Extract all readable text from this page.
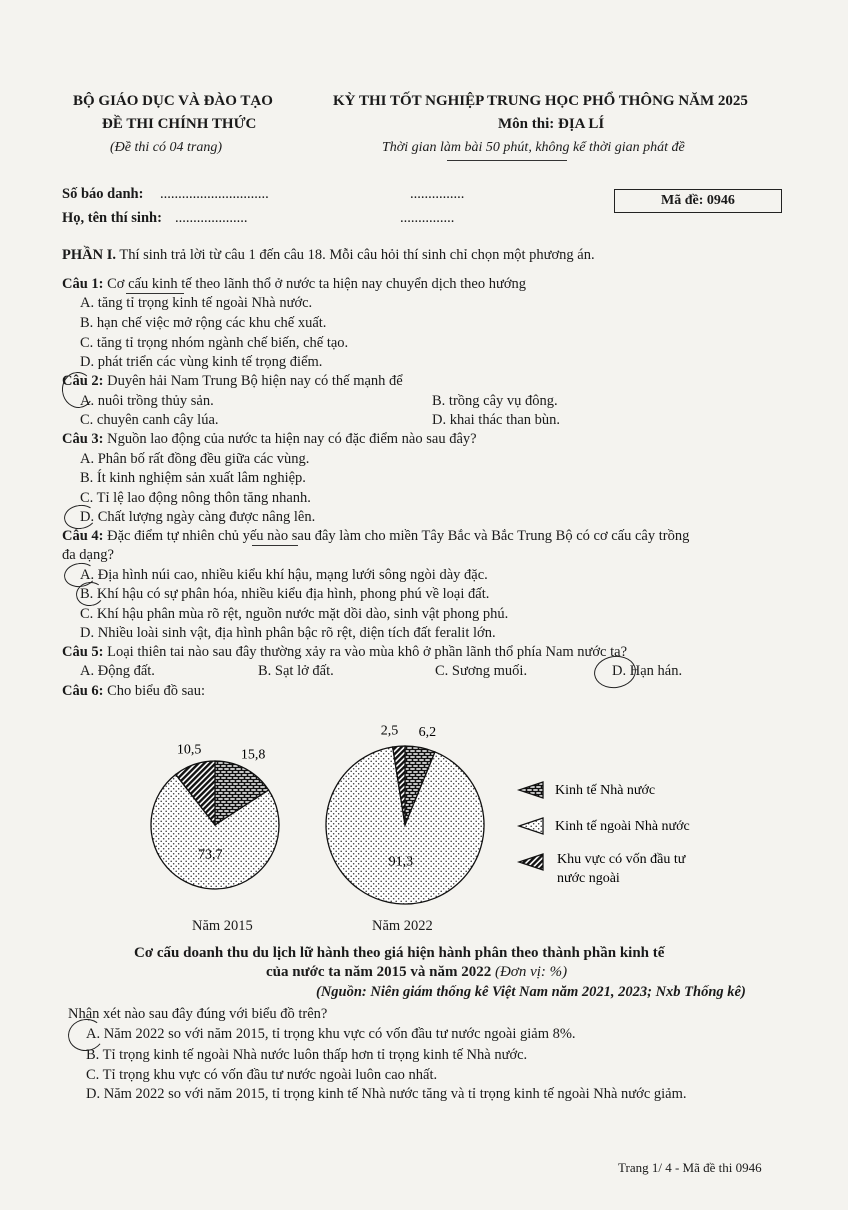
BỘ GIÁO DỤC VÀ ĐÀO TẠO
ĐỀ THI CHÍNH THỨC
(Đề thi có 04 trang)
KỲ THI TỐT NGHIỆP TRUNG HỌC PHỔ THÔNG NĂM 2025
Môn thi: ĐỊA LÍ
Thời gian làm bài 50 phút, không kể thời gian phát đề
Số báo danh: ..............................	...............
Họ, tên thí sinh: ....................	...............
Mã đề: 0946
PHẦN I. Thí sinh trả lời từ câu 1 đến câu 18. Mỗi câu hỏi thí sinh chỉ chọn một phương án.
Câu 1: Cơ cấu kinh tế theo lãnh thổ ở nước ta hiện nay chuyển dịch theo hướng
A. tăng tỉ trọng kinh tế ngoài Nhà nước.
B. hạn chế việc mở rộng các khu chế xuất.
C. tăng tỉ trọng nhóm ngành chế biến, chế tạo.
D. phát triển các vùng kinh tế trọng điểm.
Câu 2: Duyên hải Nam Trung Bộ hiện nay có thế mạnh để
A. nuôi trồng thủy sản.	B. trồng cây vụ đông.
C. chuyên canh cây lúa.	D. khai thác than bùn.
Câu 3: Nguồn lao động của nước ta hiện nay có đặc điểm nào sau đây?
A. Phân bố rất đồng đều giữa các vùng.
B. Ít kinh nghiệm sản xuất lâm nghiệp.
C. Tỉ lệ lao động nông thôn tăng nhanh.
D. Chất lượng ngày càng được nâng lên.
Câu 4: Đặc điểm tự nhiên chủ yếu nào sau đây làm cho miền Tây Bắc và Bắc Trung Bộ có cơ cấu cây trồng
đa dạng?
A. Địa hình núi cao, nhiều kiểu khí hậu, mạng lưới sông ngòi dày đặc.
B. Khí hậu có sự phân hóa, nhiều kiểu địa hình, phong phú về loại đất.
C. Khí hậu phân mùa rõ rệt, nguồn nước mặt dồi dào, sinh vật phong phú.
D. Nhiều loài sinh vật, địa hình phân bậc rõ rệt, diện tích đất feralit lớn.
Câu 5: Loại thiên tai nào sau đây thường xảy ra vào mùa khô ở phần lãnh thổ phía Nam nước ta?
A. Động đất.	B. Sạt lở đất.	C. Sương muối.	D. Hạn hán.
Câu 6: Cho biểu đồ sau:
15,8
73,7
10,5
6,2
91,3
2,5
Kinh tế Nhà nước
Kinh tế ngoài Nhà nước
Khu vực có vốn đầu tư
nước ngoài
Năm 2015	Năm 2022
Cơ cấu doanh thu du lịch lữ hành theo giá hiện hành phân theo thành phần kinh tế
của nước ta năm 2015 và năm 2022 (Đơn vị: %)
(Nguồn: Niên giám thống kê Việt Nam năm 2021, 2023; Nxb Thống kê)
Nhận xét nào sau đây đúng với biểu đồ trên?
A. Năm 2022 so với năm 2015, tỉ trọng khu vực có vốn đầu tư nước ngoài giảm 8%.
B. Tỉ trọng kinh tế ngoài Nhà nước luôn thấp hơn tỉ trọng kinh tế Nhà nước.
C. Tỉ trọng khu vực có vốn đầu tư nước ngoài luôn cao nhất.
D. Năm 2022 so với năm 2015, tỉ trọng kinh tế Nhà nước tăng và tỉ trọng kinh tế ngoài Nhà nước giảm.
Trang 1/ 4 - Mã đề thi 0946
